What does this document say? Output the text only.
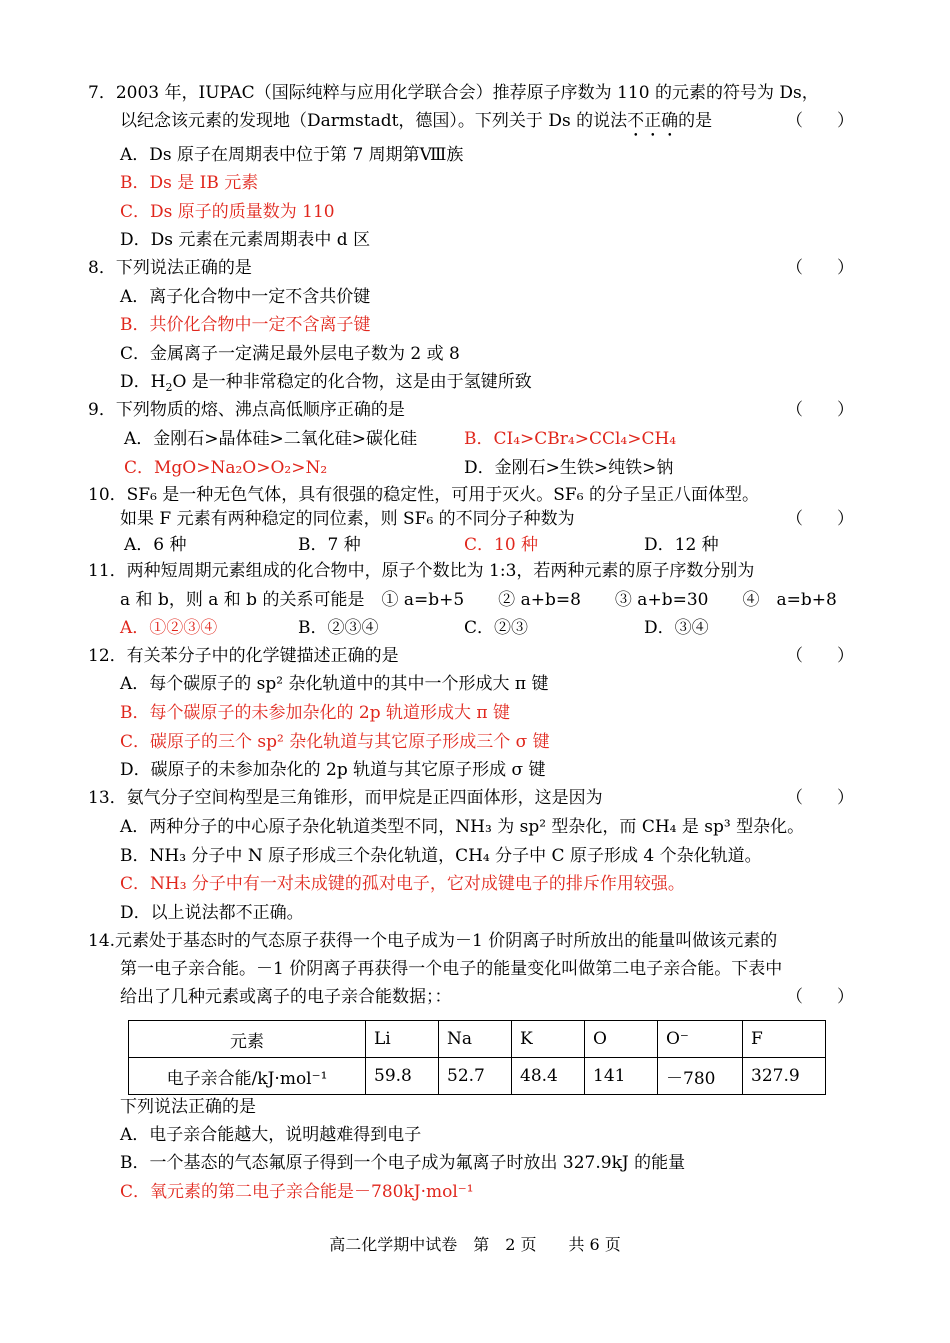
7．2003 年，IUPAC（国际纯粹与应用化学联合会）推荐原子序数为 110 的元素的符号为 Ds，
以纪念该元素的发现地（Darmstadt，德国）。下列关于 Ds 的说法不正确的是	（　　）
A．Ds 原子在周期表中位于第 7 周期第Ⅷ族
B．Ds 是 IB 元素
C．Ds 原子的质量数为 110
D．Ds 元素在元素周期表中 d 区
8．下列说法正确的是	（　　）
A．离子化合物中一定不含共价键
B．共价化合物中一定不含离子键
C．金属离子一定满足最外层电子数为 2 或 8
D．$H_2O$ 是一种非常稳定的化合物，这是由于氢键所致
9．下列物质的熔、沸点高低顺序正确的是	（　　）
A．金刚石>晶体硅>二氧化硅>碳化硅	B．CI₄>CBr₄>CCl₄>CH₄
C．MgO>Na₂O>O₂>N₂	D．金刚石>生铁>纯铁>钠
10．SF₆ 是一种无色气体，具有很强的稳定性，可用于灭火。SF₆ 的分子呈正八面体型。
如果 F 元素有两种稳定的同位素，则 SF₆ 的不同分子种数为	（　　）
A．6 种	B．7 种	C．10 种	D．12 种
11．两种短周期元素组成的化合物中，原子个数比为 1:3，若两种元素的原子序数分别为
a 和 b，则 a 和 b 的关系可能是　① a=b+5　　② a+b=8　　③ a+b=30　　④　a=b+8
A．①②③④	B．②③④	C．②③	D．③④
12．有关苯分子中的化学键描述正确的是	（　　）
A．每个碳原子的 sp² 杂化轨道中的其中一个形成大 π 键
B．每个碳原子的未参加杂化的 2p 轨道形成大 π 键
C．碳原子的三个 sp² 杂化轨道与其它原子形成三个 σ 键
D．碳原子的未参加杂化的 2p 轨道与其它原子形成 σ 键
13．氨气分子空间构型是三角锥形，而甲烷是正四面体形，这是因为	（　　）
A．两种分子的中心原子杂化轨道类型不同，NH₃ 为 sp² 型杂化，而 CH₄ 是 sp³ 型杂化。
B．NH₃ 分子中 N 原子形成三个杂化轨道，CH₄ 分子中 C 原子形成 4 个杂化轨道。
C．NH₃ 分子中有一对未成键的孤对电子，它对成键电子的排斥作用较强。
D．以上说法都不正确。
14.元素处于基态时的气态原子获得一个电子成为－1 价阴离子时所放出的能量叫做该元素的
第一电子亲合能。－1 价阴离子再获得一个电子的能量变化叫做第二电子亲合能。下表中
给出了几种元素或离子的电子亲合能数据；：	（　　）
元素	Li	Na	K	O	O⁻	F
电子亲合能/kJ·mol⁻¹	59.8	52.7	48.4	141	－780	327.9
下列说法正确的是
A．电子亲合能越大，说明越难得到电子
B．一个基态的气态氟原子得到一个电子成为氟离子时放出 327.9kJ 的能量
C．氧元素的第二电子亲合能是－780kJ·mol⁻¹
高二化学期中试卷　第　2 页　　共 6 页
